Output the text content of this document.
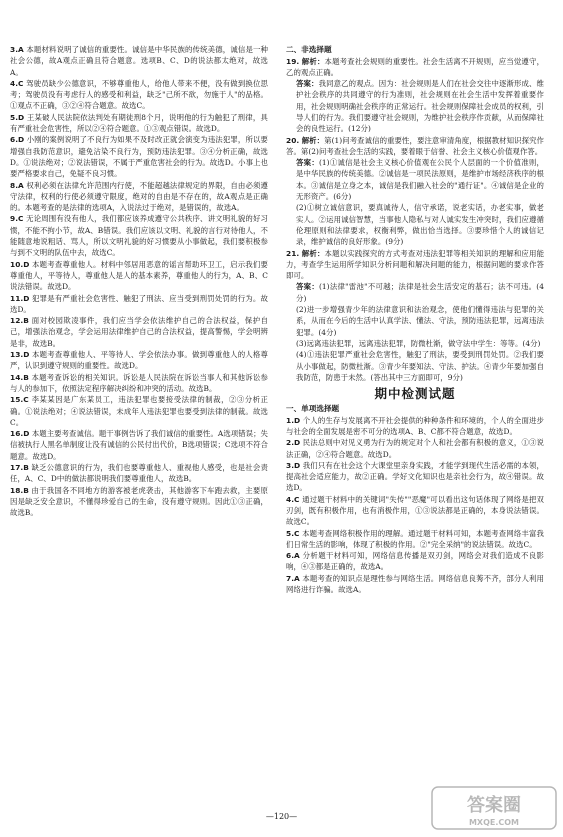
3.A 本题材料说明了诚信的重要性。诚信是中华民族的传统美德，诚信是一种社会公德，故A观点正确且符合题意。选项B、C、D的说法都太绝对，故选A。

4.C 驾驶员缺少公德意识，不够尊重他人，给他人带来不便，没有做到换位思考；驾驶员没有考虑行人的感受和利益，缺乏"己所不欲，勿施于人"的品格。①观点不正确，③②④符合题意。故选C。

5.D 王某破人民法院依法判处有期徒刑8个月，说明他的行为触犯了刑律，具有严重社会危害性，所以②④符合题意。①③观点错误。故选D。

6.D 小刚的案例说明了不良行为如果不及时改正就会演变为违法犯罪，所以要增强自我防范意识，避免沾染不良行为，预防违法犯罪。③④分析正确，故选D。①说法绝对；②说法错误，不属于严重危害社会的行为。故选D。小事上也要严格要求自己，免疑不良习惯。

8.A 权利必须在法律允许范围内行使，不能超越法律规定的界限，自由必须遵守法律，权利的行使必须遵守限度，绝对的自由是不存在的，故A观点是正确的。本题考查的是法律的选项A，入说法过于绝对，是错误的，故选A。

9.C 无论周围有没有他人，我们都应该养成遵守公共秩序、讲文明礼貌的好习惯，不能不拘小节，故A、B错误。我们应该以文明、礼貌的言行对待他人，不能随意地说粗话、骂人，所以文明礼貌的好习惯要从小事做起，我们要积极参与到不文明的队伍中去，故选C。

10.D 本题考查尊重他人。材料中邻居用恶意的谣言帮助环卫工，启示我们要尊重他人，平等待人，尊重他人是人的基本素养，尊重他人的行为，A、B、C说法错误。故选D。

11.D 犯罪是有严重社会危害性、触犯了刑法、应当受到刑罚处罚的行为。故选D。

12.B 面对校园欺凌事件，我们应当学会依法维护自己的合法权益，保护自己，增强法治观念，学会运用法律维护自己的合法权益，提高警惕，学会明辨是非，故选B。

13.D 本题考查尊重他人、平等待人、学会依法办事。做到尊重他人的人格尊严，认识到遵守规则的重要性。故选D。

14.B 本题考查诉讼的相关知识。诉讼是人民法院在诉讼当事人和其他诉讼参与人的参加下，依照法定程序解决纠纷和冲突的活动。故选B。

15.C 李某某因是广东某员工，违法犯罪也要接受法律的制裁，②③分析正确。①说法绝对；④说法错误，未成年人违法犯罪也要受到法律的制裁。故选C。

16.D 本题主要考查诚信。题干事例告诉了我们诚信的重要性。A选项错误；失信被执行人黑名单制度让没有诚信的公民付出代价，B选项错误；C选项不符合题意。故选D。

17.B 缺乏公德意识的行为，我们也要尊重他人、重视他人感受，也是社会责任，A、C、D中的做法都说明我们要尊重他人，故选B。

18.B 由于我国各不同地方的游客被老虎袭击，其他游客下车跑去救，主要原因是缺乏安全意识，不懂得珍爱自己的生命，没有遵守规则。因此①③正确，故选B。

二、非选择题

19. 解析：本题考查社会规则的重要性。社会生活离不开规则，应当觉遵守，乙的观点正确。

答案：我同意乙的观点。因为：社会规则是人们在社会交往中逐渐形成、维护社会秩序的共同遵守的行为准则，社会规则在社会生活中发挥着重要作用，社会规则明确社会秩序的正常运行。社会规则保障社会成员的权利，引导人们的行为。我们要遵守社会规则，为维护社会秩序作贡献，从而保障社会的良性运行。(12分)

20. 解析：第(1)问考查诚信的重要性，要注意审清角度，根据教材知识探究作答。第(2)问考查社会生活的实践，要着眼于信誉、社会主义核心价值观作答。

答案：(1)①诚信是社会主义核心价值观在公民个人层面的一个价值准则，是中华民族的传统美德。②诚信是一项民法原则，是维护市场经济秩序的根本。③诚信是立身之本，诚信是我们融入社会的"通行证"。④诚信是企业的无形资产。(6分)

(2)①树立诚信意识，要真诚待人，信守承诺，说老实话，办老实事，做老实人。②运用诚信智慧，当事他人隐私与对人诚实发生冲突时，我们应遵循伦理原则和法律要求，权衡利弊，做出恰当选择。③要珍惜个人的诚信记录，维护诚信的良好形象。(9分)

21. 解析：本题以实践探究的方式考查对违法犯罪等相关知识的理解和应用能力，考查学生运用所学知识分析问题和解决问题的能力，根据问题的要求作答即可。

答案：(1)法律"雷池"不可越；法律是社会生活安定的基石；法不可违。(4分)

(2)进一步增强青少年的法律意识和法治观念，使他们懂得违法与犯罪的关系，从而在今后的生活中认真学法、懂法、守法，预防违法犯罪，远离违法犯罪。(4分)

(3)远离违法犯罪，远离违法犯罪，防微杜渐，做守法中学生：等等。(4分)

(4)①违法犯罪严重社会危害性，触犯了刑法，要受到刑罚处罚。②我们要从小事做起，防微杜渐。③青少年要知法、守法、护法。④青少年要加强自我防范，防患于未然。(答出其中三方面即可，9分)

期中检测试题

一、单项选择题

1.D 个人的生存与发展离不开社会提供的种种条件和环境的，个人的全面进步与社会的全面发展是密不可分的选项A、B、C都不符合题意，故选D。

2.D 民法总则中对见义勇为行为的规定对个人和社会都有积极的意义，①③说法正确，②④符合题意。故选D。

3.D 我们只有在社会这个大课堂里亲身实践，才能学到现代生活必需的本领，提高社会适应能力，故②正确。学好文化知识也是亲社会行为，故④错误。故选D。

4.C 通过题干材料中的关键词"失传""恶魔"可以看出这句话体现了网络是把双刃剑，既有积极作用，也有消极作用，①③说法都是正确的，本身说法错误。故选C。

5.C 本题考查网络积极作用的理解。通过题干材料可知，本题考查网络丰富我们日常生活的影响，体现了积极的作用。②"完全采纳"的说法错误。故选C。

6.A 分析题干材料可知，网络信息传播是双刃剑，网络会对我们造成不良影响，④③都是正确的，故选A。

7.A 本题考查的知识点是理性参与网络生活。网络信息良莠不齐，部分人利用网络进行诈骗。故选A。

—120—
答案圈
MXQE.COM
